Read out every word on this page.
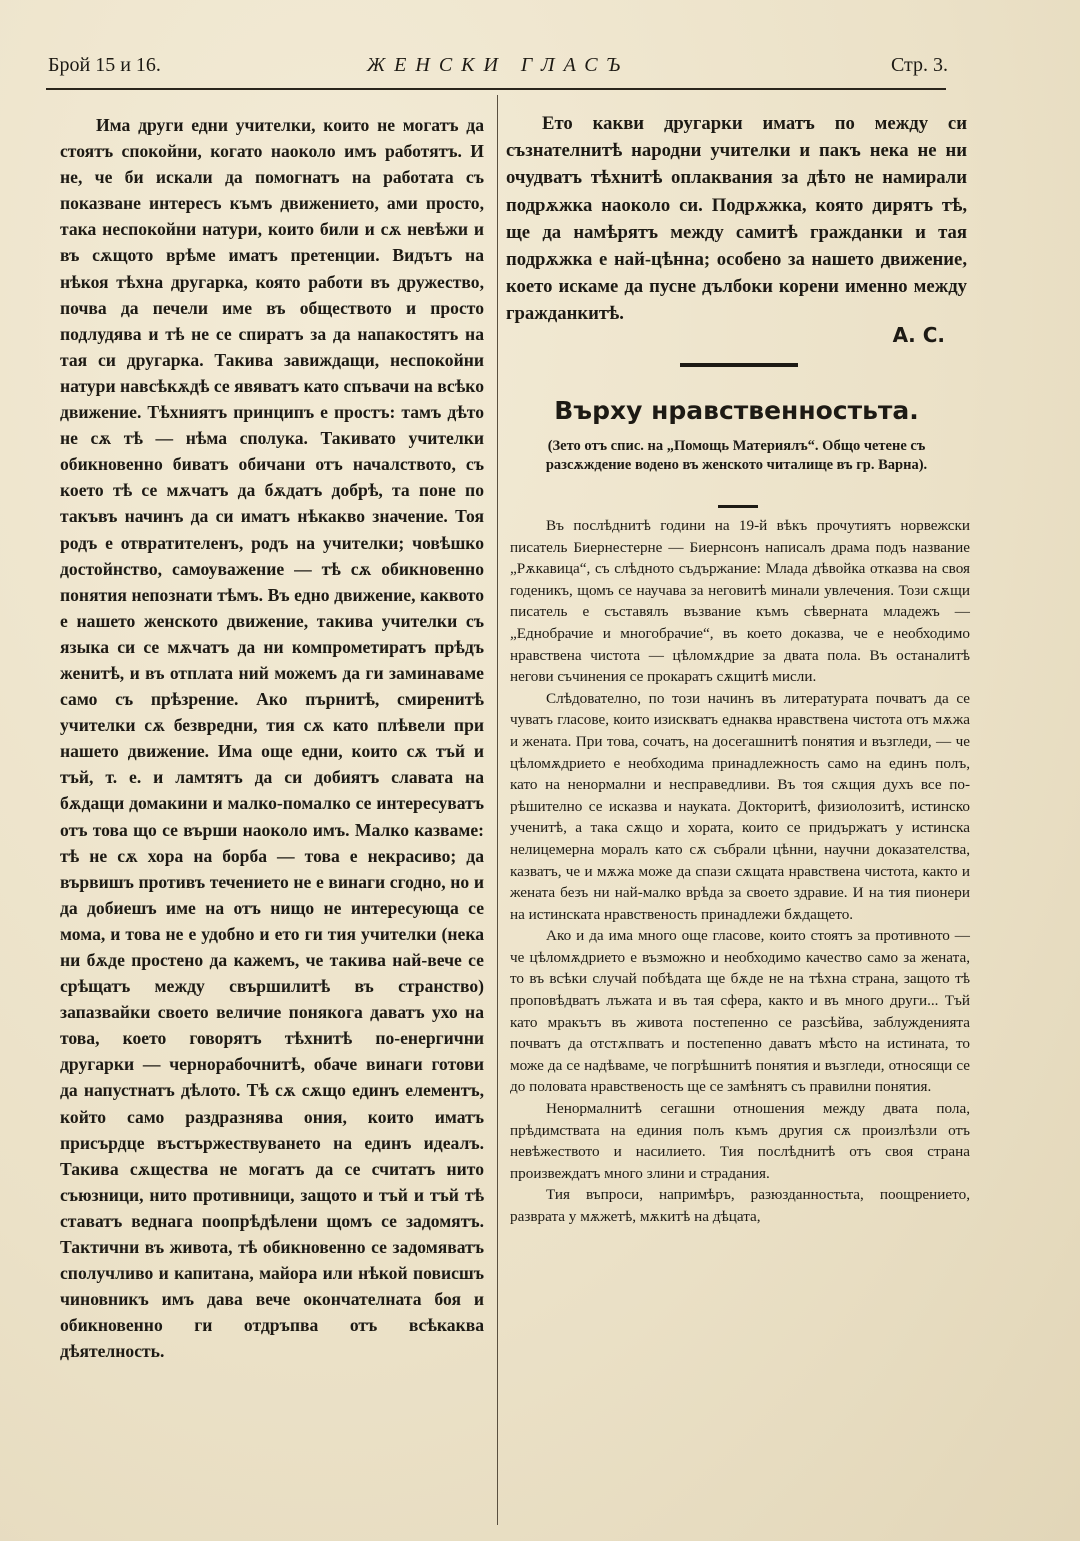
Брой 15 и 16.	ЖЕНСКИ ГЛАСЪ	Стр. 3.

Има други едни учителки, които не могатъ да стоятъ спокойни, когато наоколо имъ работятъ. И не, че би искали да помогнатъ на работата съ показване интересъ къмъ движението, ами просто, така неспокойни натури, които били и сѫ невѣжи и въ сѫщото врѣме иматъ претенции. Видътъ на нѣкоя тѣхна другарка, която работи въ дружество, почва да печели име въ обществото и просто подлудява и тѣ не се спиратъ за да напакостятъ на тая си другарка. Такива завиждащи, неспокойни натури навсѣкѫдѣ се явяватъ като спъвачи на всѣко движение. Тѣхниятъ принципъ е простъ: тамъ дѣто не сѫ тѣ — нѣма сполука. Такивато учителки обикновенно биватъ обичани отъ началството, съ което тѣ се мѫчатъ да бѫдатъ добрѣ, та поне по такъвъ начинъ да си иматъ нѣкакво значение. Тоя родъ е отвратителенъ, родъ на учителки; човѣшко достойнство, самоуважение — тѣ сѫ обикновенно понятия непознати тѣмъ. Въ едно движение, каквото е нашето женското движение, такива учителки съ языка си се мѫчатъ да ни компрометиратъ прѣдъ женитѣ, и въ отплата ний можемъ да ги заминаваме само съ прѣзрение. Ако пърнитѣ, смиренитѣ учителки сѫ безвредни, тия сѫ като плѣвели при нашето движение. Има още едни, които сѫ тъй и тъй, т. е. и ламтятъ да си добиятъ славата на бѫдащи домакини и малко-помалко се интересуватъ отъ това що се върши наоколо имъ. Малко казваме: тѣ не сѫ хора на борба — това е некрасиво; да вървишъ противъ течението не е винаги сгодно, но и да добиешъ име на отъ нищо не интересующа се мома, и това не е удобно и ето ги тия учителки (нека ни бѫде простено да кажемъ, че такива най-вече се срѣщатъ между свършилитѣ въ странство) запазвайки своето величие понякога даватъ ухо на това, което говорятъ тѣхнитѣ по-енергични другарки — чернорабочнитѣ, обаче винаги готови да напустнатъ дѣлото. Тѣ сѫ сѫщо единъ елементъ, който само раздразнява ония, които иматъ присърдце въстържествуването на единъ идеалъ. Такива сѫщества не могатъ да се считатъ нито съюзници, нито противници, защото и тъй и тъй тѣ ставатъ веднага поопрѣдѣлени щомъ се задомятъ. Тактични въ живота, тѣ обикновенно се задомяватъ сполучливо и капитана, майора или нѣкой повисшъ чиновникъ имъ дава вече окончателната боя и обикновенно ги отдръпва отъ всѣкаква дѣятелность.

Ето какви другарки иматъ по между си съзнателнитѣ народни учителки и пакъ нека не ни очудватъ тѣхнитѣ оплаквания за дѣто не намирали подрѫжка наоколо си. Подрѫжка, която дирятъ тѣ, ще да намѣрятъ между самитѣ гражданки и тая подрѫжка е най-цѣнна; особено за нашето движение, което искаме да пусне дълбоки корени именно между гражданкитѣ.

А. С.
Върху нравственностьта.
(Зето отъ спис. на „Помощь Материялъ“. Общо четене съ разсѫждение водено въ женското читалище въ гр. Варна).

Въ послѣднитѣ години на 19-й вѣкъ прочутиятъ норвежски писатель Биернестерне — Биернсонъ написалъ драма подъ название „Рѫкавица“, съ слѣдното съдържание: Млада дѣвойка отказва на своя годеникъ, щомъ се научава за неговитѣ минали увлечения. Този сѫщи писатель е съставялъ възвание къмъ сѣверната младежъ — „Еднобрачие и многобрачие“, въ което доказва, че е необходимо нравствена чистота — цѣломѫдрие за двата пола. Въ останалитѣ негови съчинения се прокаратъ сѫщитѣ мисли.

Слѣдователно, по този начинъ въ литературата почватъ да се чуватъ гласове, които изискватъ еднаква нравствена чистота отъ мѫжа и жената. При това, сочатъ, на досегашнитѣ понятия и възгледи, — че цѣломѫдрието е необходима принадлежность само на единъ полъ, като на ненормални и несправедливи. Въ тоя сѫщия духъ все по-рѣшително се исказва и науката. Докторитѣ, физиолозитѣ, истинско ученитѣ, а така сѫщо и хората, които се придържатъ у истинска нелицемерна моралъ като сѫ събрали цѣнни, научни доказателства, казватъ, че и мѫжа може да спази сѫщата нравствена чистота, както и жената безъ ни най-малко врѣда за своето здравие. И на тия пионери на истинската нравственость принадлежи бѫдащето.

Ако и да има много още гласове, които стоятъ за противното — че цѣломѫдрието е възможно и необходимо качество само за жената, то въ всѣки случай побѣдата ще бѫде не на тѣхна страна, защото тѣ проповѣдватъ лъжата и въ тая сфера, както и въ много други... Тъй като мракътъ въ живота постепенно се разсѣйва, заблужденията почватъ да отстѫпватъ и постепенно даватъ мѣсто на истината, то може да се надѣваме, че погрѣшнитѣ понятия и възгледи, относящи се до половата нравственость ще се замѣнятъ съ правилни понятия.

Ненормалнитѣ сегашни отношения между двата пола, прѣдимствата на единия полъ къмъ другия сѫ произлѣзли отъ невѣжеството и насилието. Тия послѣднитѣ отъ своя страна произвеждатъ много злини и страдания.

Тия въпроси, напримѣръ, разюзданностьта, поощрението, разврата у мѫжетѣ, мѫкитѣ на дѣцата,
